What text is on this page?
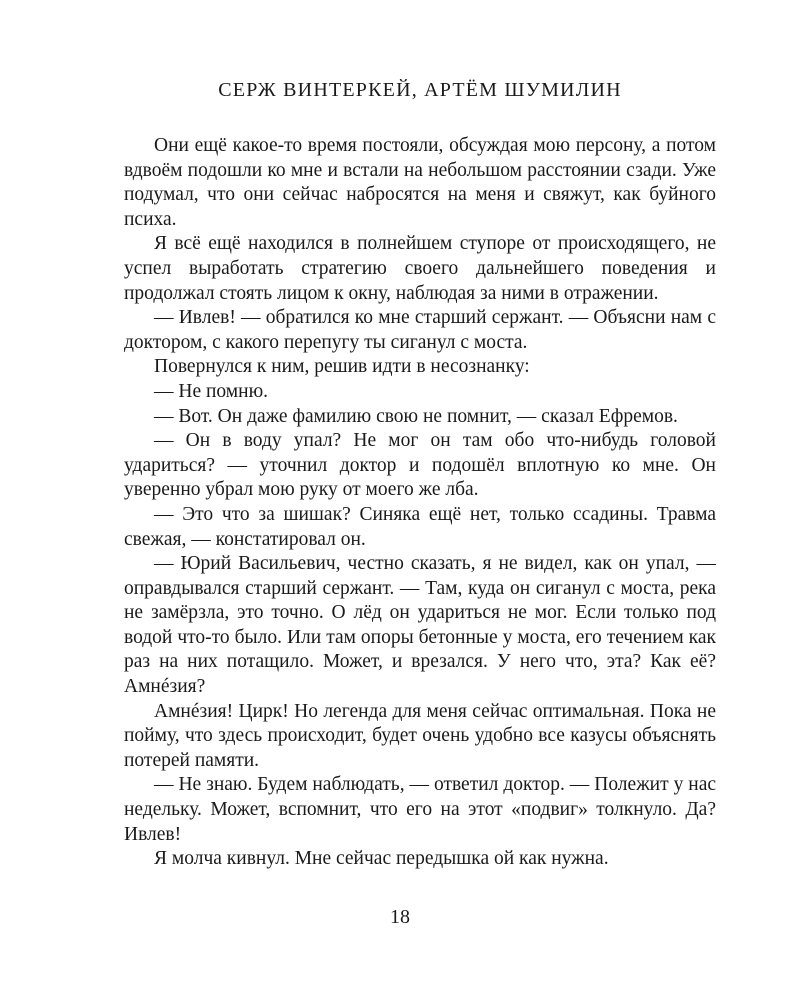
СЕРЖ ВИНТЕРКЕЙ, АРТЁМ ШУМИЛИН

Они ещё какое-то время постояли, обсуждая мою персону, а потом вдвоём подошли ко мне и встали на небольшом расстоянии сзади. Уже подумал, что они сейчас набросятся на меня и свяжут, как буйного психа.

Я всё ещё находился в полнейшем ступоре от происходящего, не успел выработать стратегию своего дальнейшего поведения и продолжал стоять лицом к окну, наблюдая за ними в отражении.

— Ивлев! — обратился ко мне старший сержант. — Объясни нам с доктором, с какого перепугу ты сиганул с моста.

Повернулся к ним, решив идти в несознанку:

— Не помню.

— Вот. Он даже фамилию свою не помнит, — сказал Ефремов.

— Он в воду упал? Не мог он там обо что-нибудь головой удариться? — уточнил доктор и подошёл вплотную ко мне. Он уверенно убрал мою руку от моего же лба.

— Это что за шишак? Синяка ещё нет, только ссадины. Травма свежая, — констатировал он.

— Юрий Васильевич, честно сказать, я не видел, как он упал, — оправдывался старший сержант. — Там, куда он сиганул с моста, река не замёрзла, это точно. О лёд он удариться не мог. Если только под водой что-то было. Или там опоры бетонные у моста, его течением как раз на них потащило. Может, и врезался. У него что, эта? Как её? Амнéзия?

Амнéзия! Цирк! Но легенда для меня сейчас оптимальная. Пока не пойму, что здесь происходит, будет очень удобно все казусы объяснять потерей памяти.

— Не знаю. Будем наблюдать, — ответил доктор. — Полежит у нас недельку. Может, вспомнит, что его на этот «подвиг» толкнуло. Да? Ивлев!

Я молча кивнул. Мне сейчас передышка ой как нужна.

18
